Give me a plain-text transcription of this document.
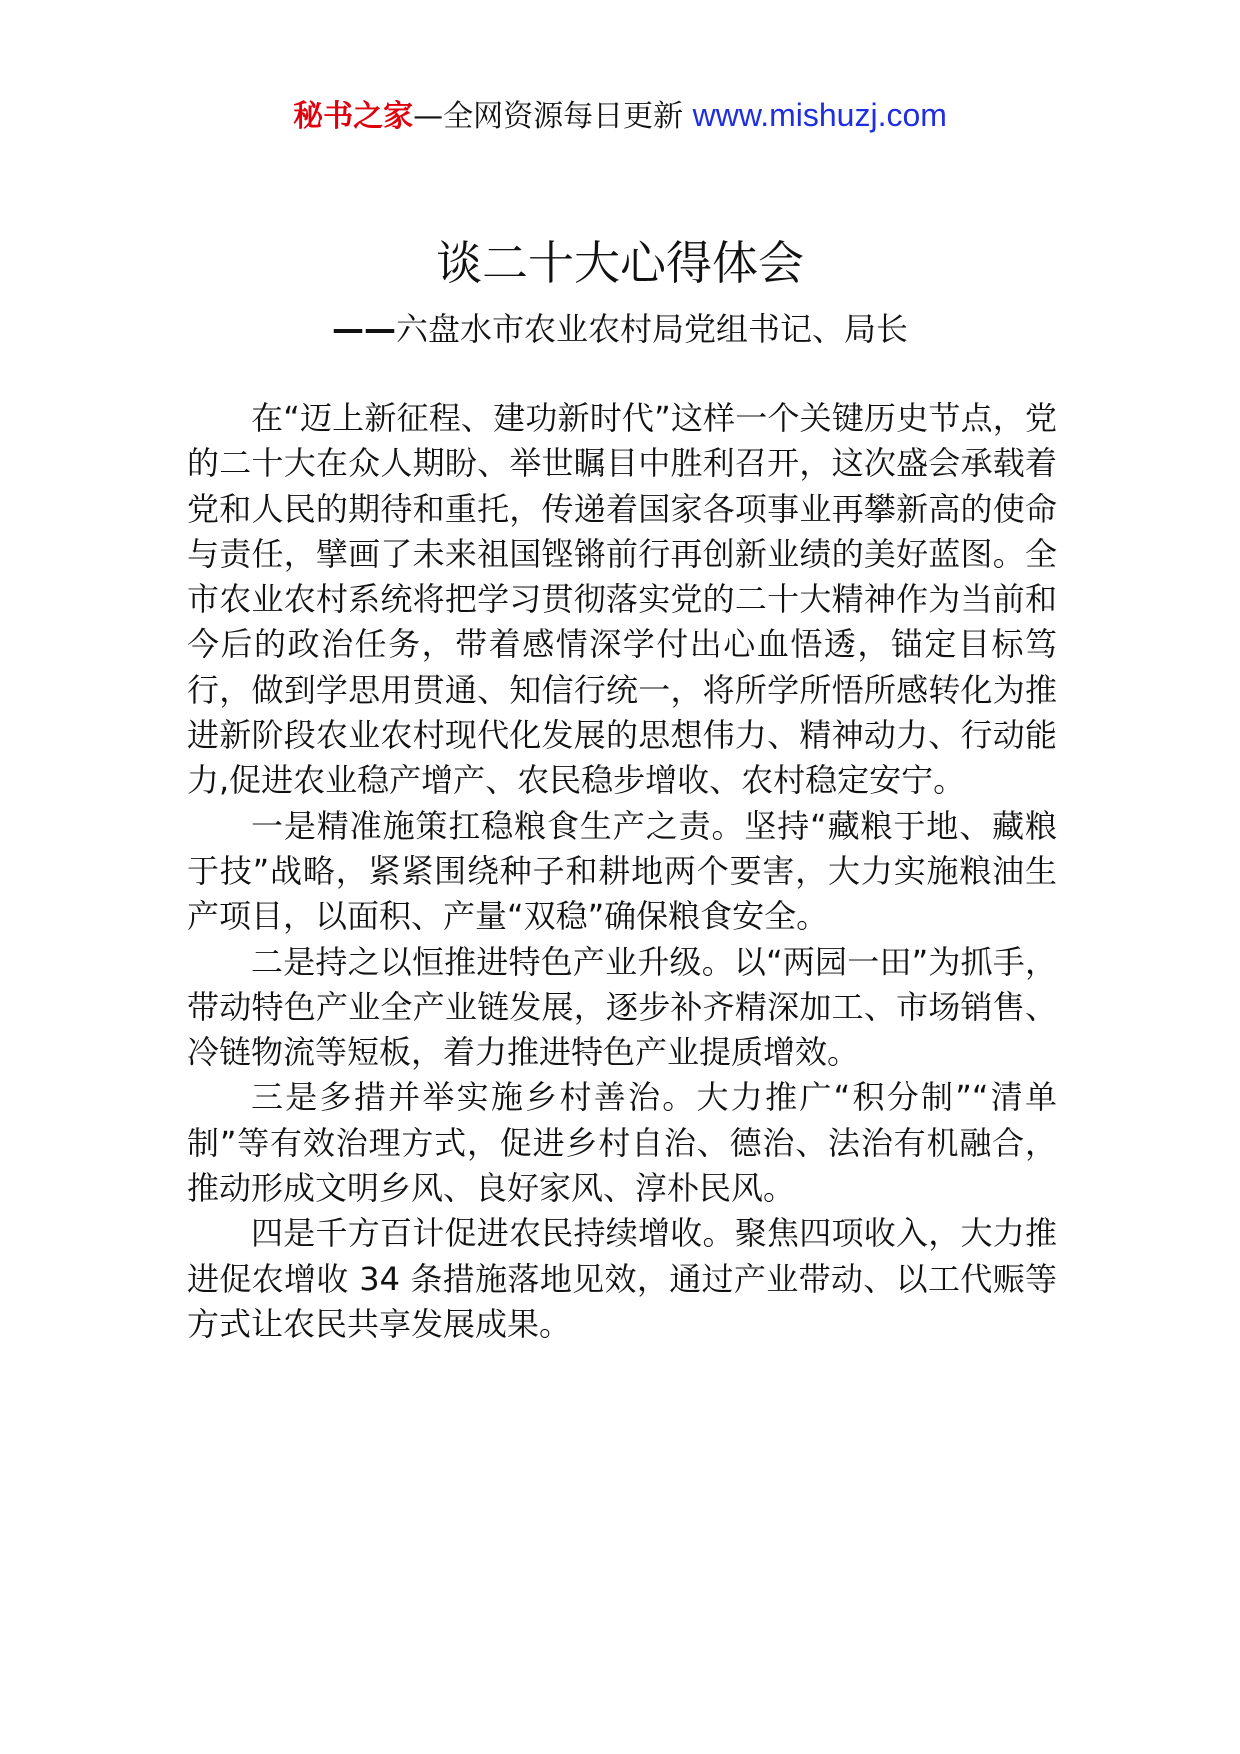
秘书之家—全网资源每日更新 www.mishuzj.com
谈二十大心得体会
——六盘水市农业农村局党组书记、局长

在“迈上新征程、建功新时代”这样一个关键历史节点，党的二十大在众人期盼、举世瞩目中胜利召开，这次盛会承载着党和人民的期待和重托，传递着国家各项事业再攀新高的使命与责任，擘画了未来祖国铿锵前行再创新业绩的美好蓝图。全市农业农村系统将把学习贯彻落实党的二十大精神作为当前和今后的政治任务，带着感情深学付出心血悟透，锚定目标笃行，做到学思用贯通、知信行统一，将所学所悟所感转化为推进新阶段农业农村现代化发展的思想伟力、精神动力、行动能力,促进农业稳产增产、农民稳步增收、农村稳定安宁。

一是精准施策扛稳粮食生产之责。坚持“藏粮于地、藏粮于技”战略，紧紧围绕种子和耕地两个要害，大力实施粮油生产项目，以面积、产量“双稳”确保粮食安全。

二是持之以恒推进特色产业升级。以“两园一田”为抓手，带动特色产业全产业链发展，逐步补齐精深加工、市场销售、冷链物流等短板，着力推进特色产业提质增效。

三是多措并举实施乡村善治。大力推广“积分制”“清单制”等有效治理方式，促进乡村自治、德治、法治有机融合，推动形成文明乡风、良好家风、淳朴民风。

四是千方百计促进农民持续增收。聚焦四项收入，大力推进促农增收 34 条措施落地见效，通过产业带动、以工代赈等方式让农民共享发展成果。
